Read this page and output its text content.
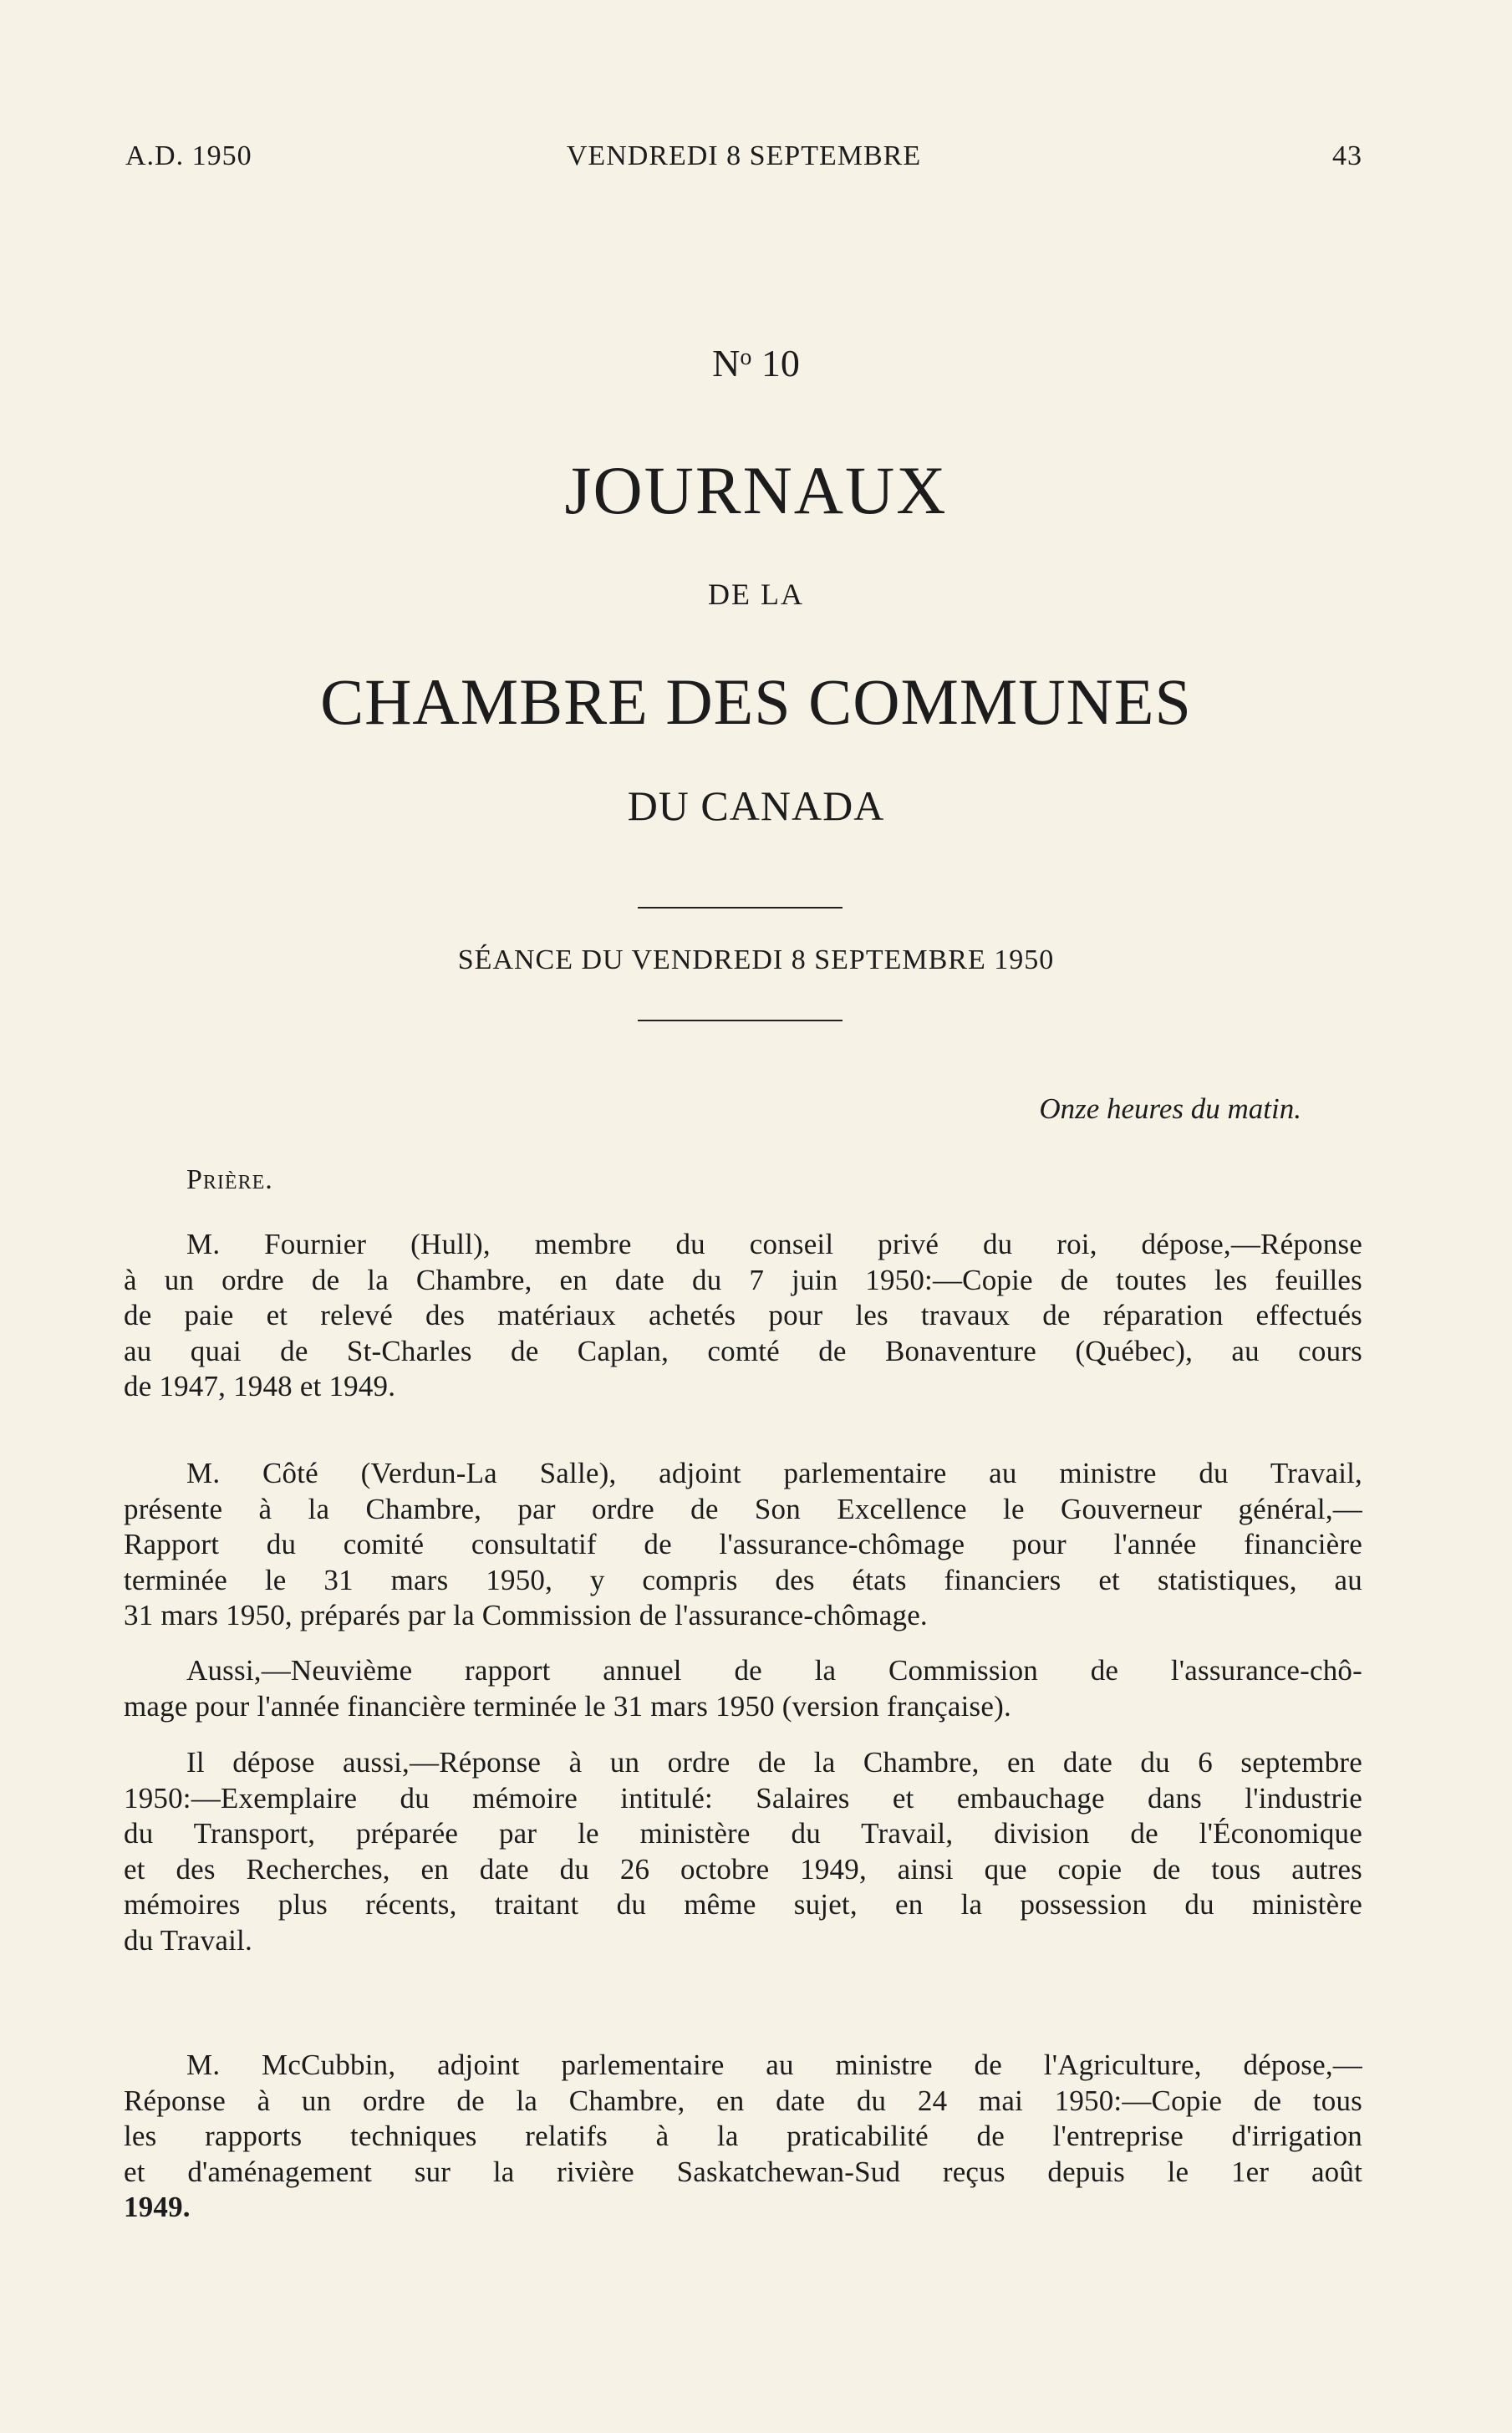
A.D. 1950	VENDREDI 8 SEPTEMBRE	43
$N^o$ 10
JOURNAUX
DE LA
CHAMBRE DES COMMUNES
DU CANADA
SÉANCE DU VENDREDI 8 SEPTEMBRE 1950
Onze heures du matin.
Prière.
M. Fournier (Hull), membre du conseil privé du roi, dépose,—Réponse
à un ordre de la Chambre, en date du 7 juin 1950:—Copie de toutes les feuilles
de paie et relevé des matériaux achetés pour les travaux de réparation effectués
au quai de St-Charles de Caplan, comté de Bonaventure (Québec), au cours
de 1947, 1948 et 1949.
M. Côté (Verdun-La Salle), adjoint parlementaire au ministre du Travail,
présente à la Chambre, par ordre de Son Excellence le Gouverneur général,—
Rapport du comité consultatif de l'assurance-chômage pour l'année financière
terminée le 31 mars 1950, y compris des états financiers et statistiques, au
31 mars 1950, préparés par la Commission de l'assurance-chômage.
Aussi,—Neuvième rapport annuel de la Commission de l'assurance-chô-
mage pour l'année financière terminée le 31 mars 1950 (version française).
Il dépose aussi,—Réponse à un ordre de la Chambre, en date du 6 septembre
1950:—Exemplaire du mémoire intitulé: Salaires et embauchage dans l'industrie
du Transport, préparée par le ministère du Travail, division de l'Économique
et des Recherches, en date du 26 octobre 1949, ainsi que copie de tous autres
mémoires plus récents, traitant du même sujet, en la possession du ministère
du Travail.
M. McCubbin, adjoint parlementaire au ministre de l'Agriculture, dépose,—
Réponse à un ordre de la Chambre, en date du 24 mai 1950:—Copie de tous
les rapports techniques relatifs à la praticabilité de l'entreprise d'irrigation
et d'aménagement sur la rivière Saskatchewan-Sud reçus depuis le 1er août
1949.
